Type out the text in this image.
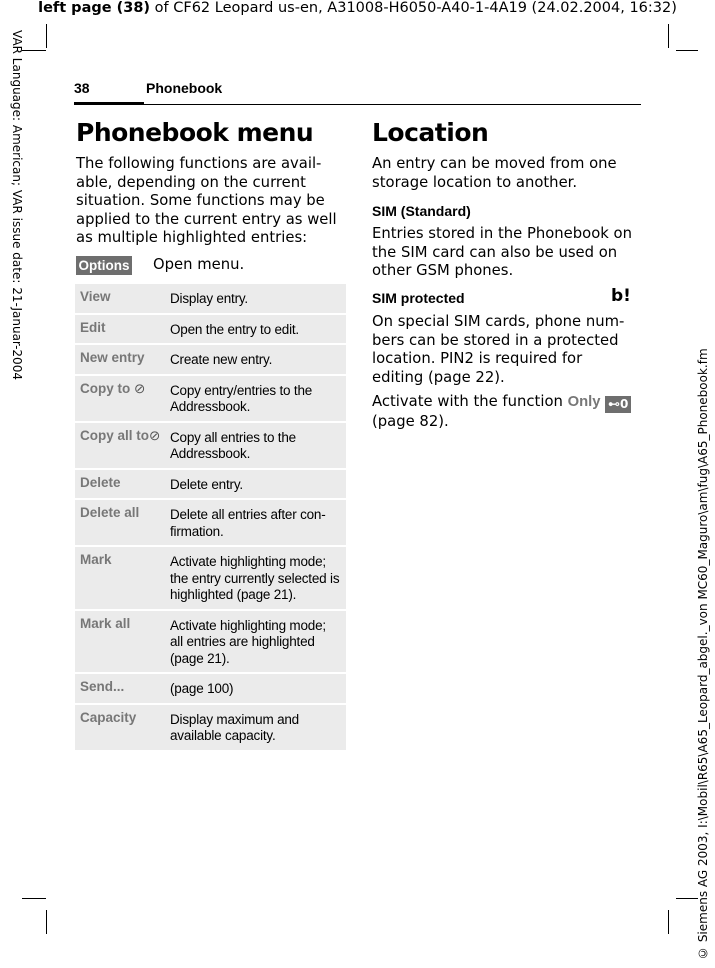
left page (38) of CF62 Leopard us-en, A31008-H6050-A40-1-4A19 (24.02.2004, 16:32)
VAR Language: American; VAR issue date: 21-Januar-2004
© Siemens AG 2003, I:\Mobil\R65\A65_Leopard_abgel._von MC60_Maguro\am\fug\A65_Phonebook.fm
38	Phonebook
Phonebook menu
The following functions are avail-able, depending on the current situation. Some functions may be applied to the current entry as well as multiple highlighted entries:
Options Open menu.
View	Display entry.
Edit	Open the entry to edit.
New entry	Create new entry.
Copy to ⊘	Copy entry/entries to the Addressbook.
Copy all to⊘ Copy all entries to the Addressbook.
Delete	Delete entry.
Delete all	Delete all entries after con-firmation.
Mark	Activate highlighting mode; the entry currently selected is highlighted (page 21).
Mark all	Activate highlighting mode; all entries are highlighted (page 21).
Send...	(page 100)
Capacity	Display maximum and available capacity.
Location
An entry can be moved from one storage location to another.
SIM (Standard)
Entries stored in the Phonebook on the SIM card can also be used on other GSM phones.
SIM protected	b!
On special SIM cards, phone num-bers can be stored in a protected location. PIN2 is required for editing (page 22).
Activate with the function Only ⊷0
(page 82).
